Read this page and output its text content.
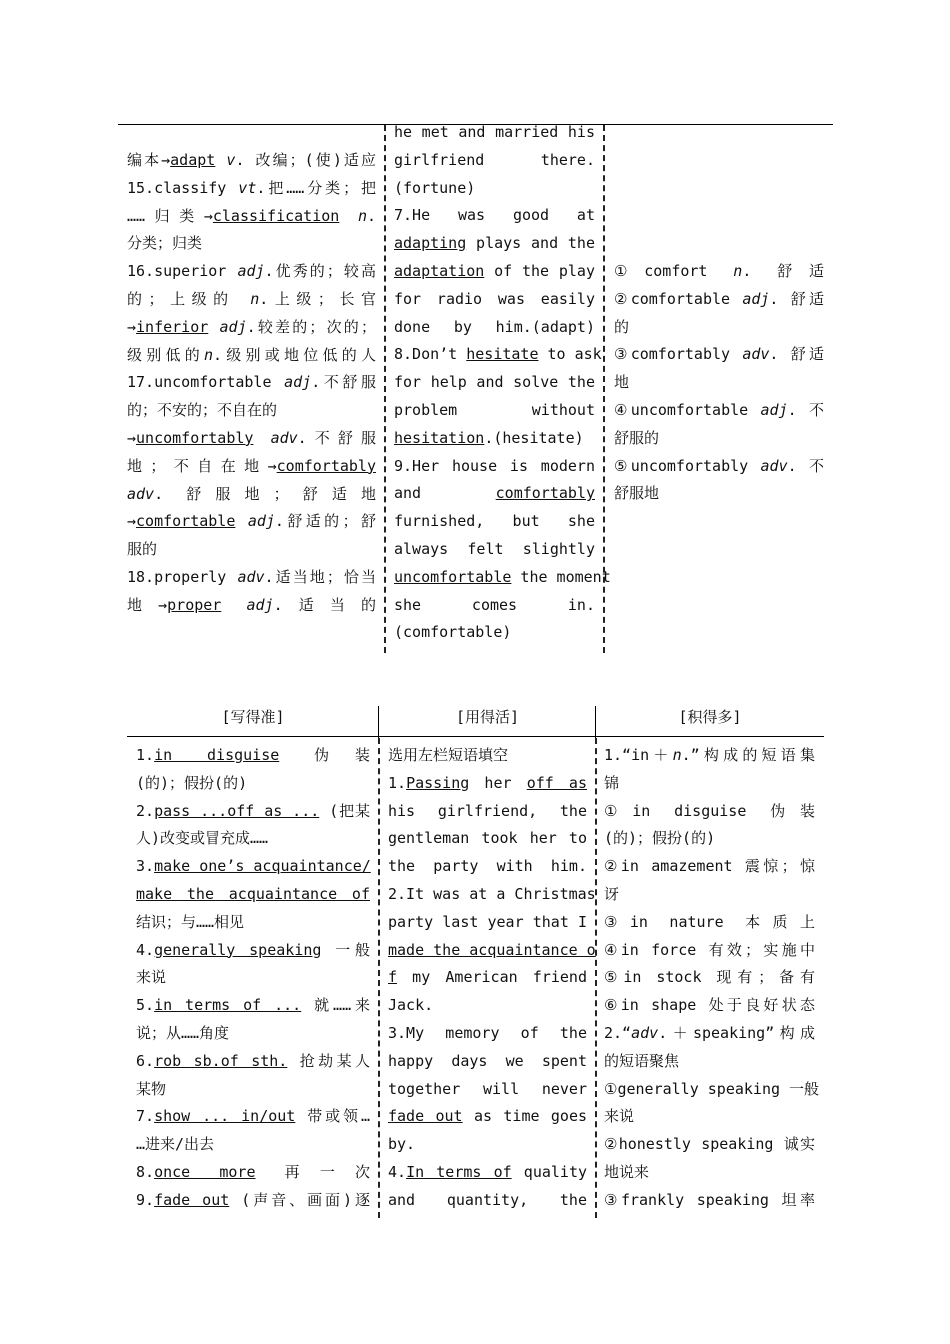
编本→adapt v. 改编；(使)适应
15.classify vt.把……分类；把
……归类→classification n.
分类；归类
16.superior adj.优秀的；较高
的；上级的 n.上级；长官
→inferior adj.较差的；次的；
级别低的n.级别或地位低的人
17.uncomfortable adj.不舒服
的；不安的；不自在的
→uncomfortably adv.不舒服
地；不自在地→comfortably
adv. 舒服地；舒适地
→comfortable adj.舒适的；舒
服的
18.properly adv.适当地；恰当
地→proper adj.适当的
he met and married his
girlfriend there.
(fortune)
7.He was good at
adapting plays and the
adaptation of the play
for radio was easily
done by him.(adapt)
8.Don’t hesitate to ask
for help and solve the
problem without
hesitation.(hesitate)
9.Her house is modern
and comfortably
furnished, but she
always felt slightly
uncomfortable the moment
she comes in.
(comfortable)
①comfort n. 舒适
②comfortable adj. 舒适
的
③comfortably adv. 舒适
地
④uncomfortable adj. 不
舒服的
⑤uncomfortably adv. 不
舒服地
[写得准]	[用得活]	[积得多]
1.in disguise 伪装
(的)；假扮(的)
2.pass ...off as ... (把某
人)改变或冒充成……
3.make one’s acquaintance/
make the acquaintance of
结识；与……相见
4.generally speaking 一般
来说
5.in terms of ... 就……来
说；从……角度
6.rob sb.of sth. 抢劫某人
某物
7.show ... in/out 带或领…
…进来/出去
8.once more 再一次
9.fade out (声音、画面)逐
选用左栏短语填空
1.Passing her off as
his girlfriend, the
gentleman took her to
the party with him.
2.It was at a Christmas
party last year that I
made the acquaintance o
f my American friend
Jack.
3.My memory of the
happy days we spent
together will never
fade out as time goes
by.
4.In terms of quality
and quantity, the
1.“in＋n.”构成的短语集
锦
①in disguise 伪装
(的)；假扮(的)
②in amazement 震惊；惊
讶
③in nature 本质上
④in force 有效；实施中
⑤in stock 现有；备有
⑥in shape 处于良好状态
2.“adv.＋speaking”构成
的短语聚焦
①generally speaking 一般
来说
②honestly speaking 诚实
地说来
③frankly speaking 坦率
